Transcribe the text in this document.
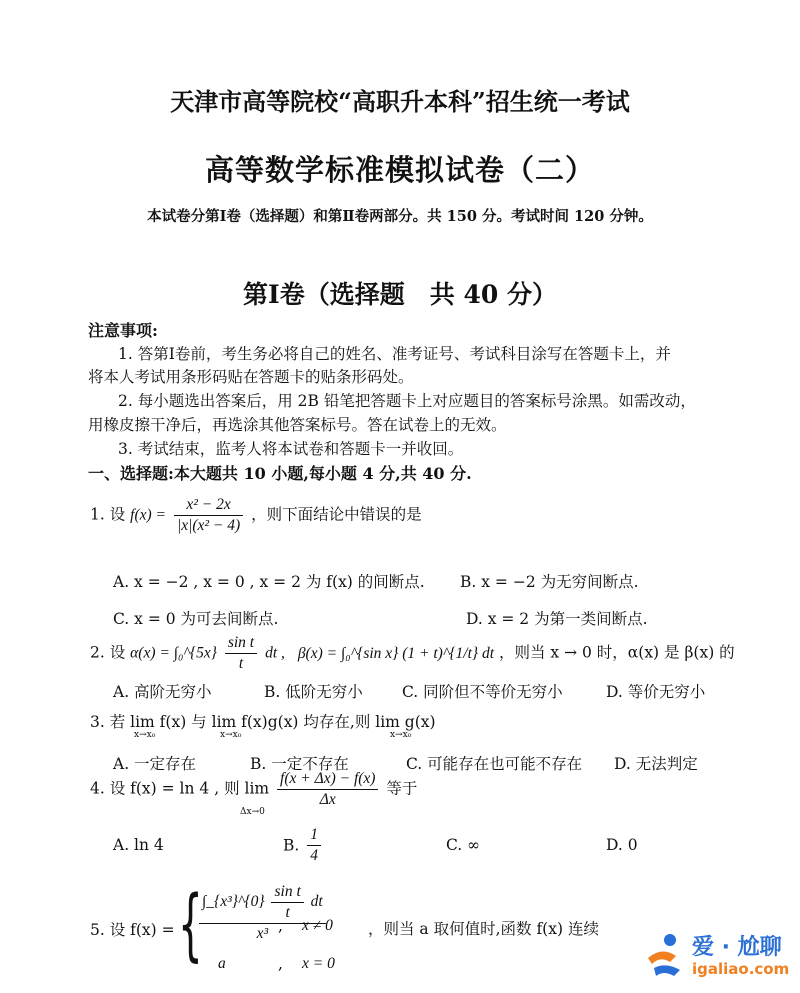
天津市高等院校“高职升本科”招生统一考试
高等数学标准模拟试卷（二）
本试卷分第Ⅰ卷（选择题）和第Ⅱ卷两部分。共 150 分。考试时间 120 分钟。
第Ⅰ卷（选择题　共 40 分）
注意事项:
1. 答第Ⅰ卷前，考生务必将自己的姓名、准考证号、考试科目涂写在答题卡上，并
将本人考试用条形码贴在答题卡的贴条形码处。
2. 每小题选出答案后，用 2B 铅笔把答题卡上对应题目的答案标号涂黑。如需改动，
用橡皮擦干净后，再选涂其他答案标号。答在试卷上的无效。
3. 考试结束，监考人将本试卷和答题卡一并收回。
一、选择题:本大题共 10 小题,每小题 4 分,共 40 分.
1. 设 $f(x) = \frac{\text{x² − 2x}}{\text{|x|(x² − 4)}}$ ，则下面结论中错误的是
A. x = −2 , x = 0 , x = 2 为 f(x) 的间断点. B. x = −2 为无穷间断点.
C. x = 0 为可去间断点.	D. x = 2 为第一类间断点.
2. 设 α(x) = ∫₀^{5x} $\frac{\text{sin t}}{t}$ dt , β(x) = ∫₀^{sin x} (1 + t)^{1/t} dt ，则当 x → 0 时，α(x) 是 β(x) 的
A. 高阶无穷小	B. 低阶无穷小	C. 同阶但不等价无穷小	D. 等价无穷小
3. 若 lim f(x) 与 lim f(x)g(x) 均存在,则 lim g(x)
x→x₀	x→x₀	x→x₀
A. 一定存在	B. 一定不存在	C. 可能存在也可能不存在 D. 无法判定
4. 设 f(x) = ln 4 , 则 $\lim \frac{f(x + \Delta x) - f(x)}{\Delta x}$ 等于
Δx→0
A. ln 4	B. $\frac{1}{4}$	C. ∞	D. 0
5. 设 f(x) = { ∫_{x³}^{0} $\frac{\text{sin t}}{t}$ dt
x³ , x ≠ 0
a	, x = 0
，则当 a 取何值时,函数 f(x) 连续
爱 · 尬聊
igaliao.com
